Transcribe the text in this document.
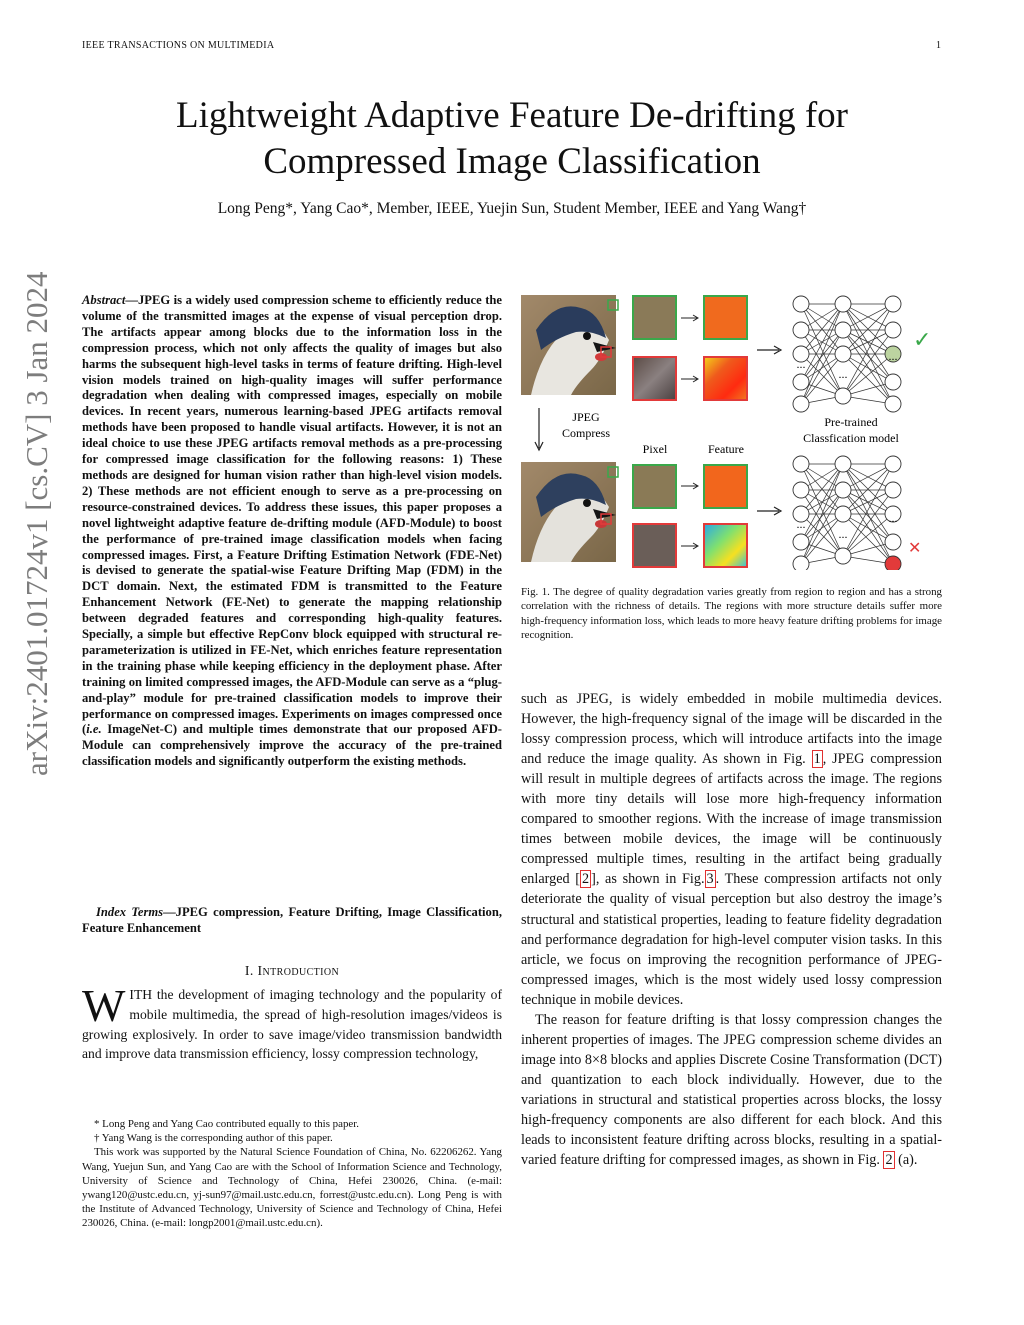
IEEE TRANSACTIONS ON MULTIMEDIA	1
arXiv:2401.01724v1 [cs.CV] 3 Jan 2024
Lightweight Adaptive Feature De-drifting for
Compressed Image Classification
Long Peng*, Yang Cao*, Member, IEEE, Yuejin Sun, Student Member, IEEE and Yang Wang†
Abstract—JPEG is a widely used compression scheme to efficiently reduce the volume of the transmitted images at the expense of visual perception drop. The artifacts appear among blocks due to the information loss in the compression process, which not only affects the quality of images but also harms the subsequent high-level tasks in terms of feature drifting. High-level vision models trained on high-quality images will suffer performance degradation when dealing with compressed images, especially on mobile devices. In recent years, numerous learning-based JPEG artifacts removal methods have been proposed to handle visual artifacts. However, it is not an ideal choice to use these JPEG artifacts removal methods as a pre-processing for compressed image classification for the following reasons: 1) These methods are designed for human vision rather than high-level vision models. 2) These methods are not efficient enough to serve as a pre-processing on resource-constrained devices. To address these issues, this paper proposes a novel lightweight adaptive feature de-drifting module (AFD-Module) to boost the performance of pre-trained image classification models when facing compressed images. First, a Feature Drifting Estimation Network (FDE-Net) is devised to generate the spatial-wise Feature Drifting Map (FDM) in the DCT domain. Next, the estimated FDM is transmitted to the Feature Enhancement Network (FE-Net) to generate the mapping relationship between degraded features and corresponding high-quality features. Specially, a simple but effective RepConv block equipped with structural re-parameterization is utilized in FE-Net, which enriches feature representation in the training phase while keeping efficiency in the deployment phase. After training on limited compressed images, the AFD-Module can serve as a “plug-and-play” module for pre-trained classification models to improve their performance on compressed images. Experiments on images compressed once (i.e. ImageNet-C) and multiple times demonstrate that our proposed AFD-Module can comprehensively improve the accuracy of the pre-trained classification models and significantly outperform the existing methods.
Index Terms—JPEG compression, Feature Drifting, Image Classification, Feature Enhancement
I. Introduction
WITH the development of imaging technology and the popularity of mobile multimedia, the spread of high-resolution images/videos is growing explosively. In order to save image/video transmission bandwidth and improve data transmission efficiency, lossy compression technology,

* Long Peng and Yang Cao contributed equally to this paper.

† Yang Wang is the corresponding author of this paper.

This work was supported by the Natural Science Foundation of China, No. 62206262. Yang Wang, Yuejun Sun, and Yang Cao are with the School of Information Science and Technology, University of Science and Technology of China, Hefei 230026, China. (e-mail: ywang120@ustc.edu.cn, yj-sun97@mail.ustc.edu.cn, forrest@ustc.edu.cn). Long Peng is with the Institute of Advanced Technology, University of Science and Technology of China, Hefei 230026, China. (e-mail: longp2001@mail.ustc.edu.cn).

JPEG
Compress
Pixel	Feature
...
...
...
...
...
...
Pre-trained
Classfication model
✓
✕
Fig. 1. The degree of quality degradation varies greatly from region to region and has a strong correlation with the richness of details. The regions with more structure details suffer more high-frequency information loss, which leads to more heavy feature drifting problems for image recognition.

such as JPEG, is widely embedded in mobile multimedia devices. However, the high-frequency signal of the image will be discarded in the lossy compression process, which will introduce artifacts into the image and reduce the image quality. As shown in Fig. 1 , JPEG compression will result in multiple degrees of artifacts across the image. The regions with more tiny details will lose more high-frequency information compared to smoother regions. With the increase of image transmission times between mobile devices, the image will be continuously compressed multiple times, resulting in the artifact being gradually enlarged [ 2 ], as shown in Fig. 3 . These compression artifacts not only deteriorate the quality of visual perception but also destroy the image’s structural and statistical properties, leading to feature fidelity degradation and performance degradation for high-level computer vision tasks. In this article, we focus on improving the recognition performance of JPEG-compressed images, which is the most widely used lossy compression technique in mobile devices.

The reason for feature drifting is that lossy compression changes the inherent properties of images. The JPEG compression scheme divides an image into 8×8 blocks and applies Discrete Cosine Transformation (DCT) and quantization to each block individually. However, due to the variations in structural and statistical properties across blocks, the lossy high-frequency components are also different for each block. And this leads to inconsistent feature drifting across blocks, resulting in a spatial-varied feature drifting for compressed images, as shown in Fig. 2 (a).
